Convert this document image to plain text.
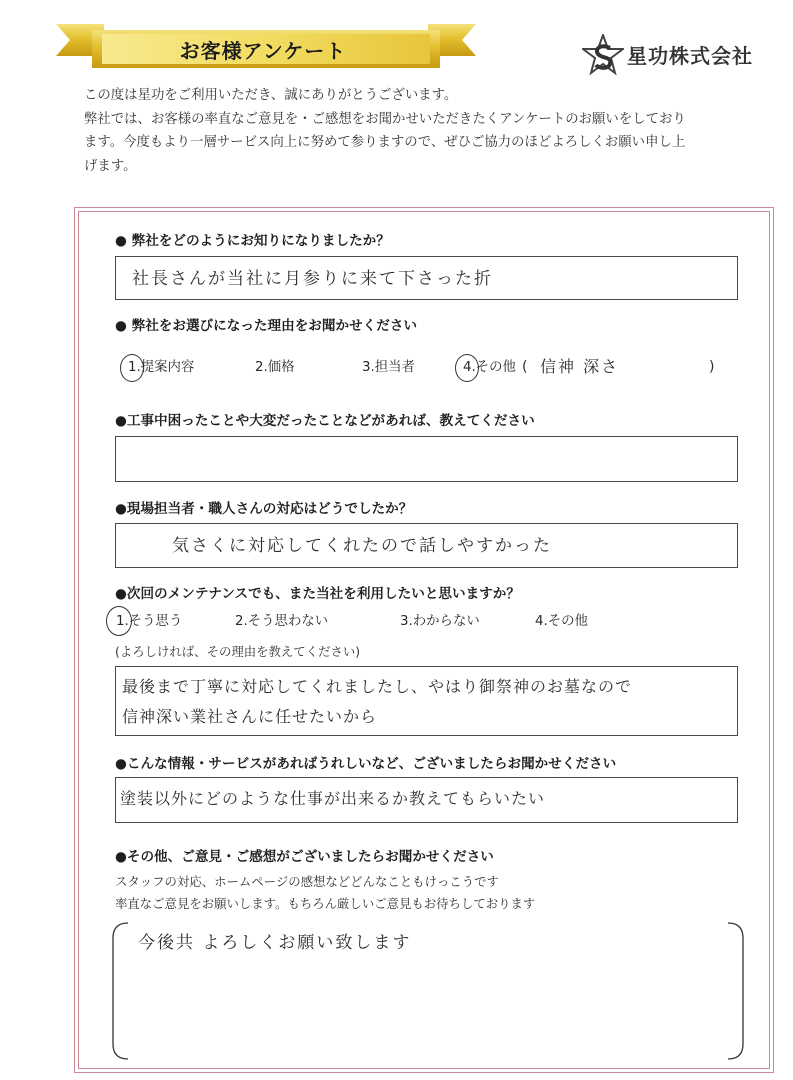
お客様アンケート	星功株式会社

この度は星功をご利用いただき、誠にありがとうございます。

弊社では、お客様の率直なご意見を・ご感想をお聞かせいただきたくアンケートのお願いをしており

ます。今度もより一層サービス向上に努めて参りますので、ぜひご協力のほどよろしくお願い申し上

げます。

● 弊社をどのようにお知りになりましたか？
社長さんが当社に月参りに来て下さった折
● 弊社をお選びになった理由をお聞かせください
1.提案内容	2.価格	3.担当者	4.その他 ( 信神 深さ	)
●工事中困ったことや大変だったことなどがあれば、教えてください
●現場担当者・職人さんの対応はどうでしたか？
気さくに対応してくれたので話しやすかった
●次回のメンテナンスでも、また当社を利用したいと思いますか？
1.そう思う	2.そう思わない	3.わからない	4.その他
(よろしければ、その理由を教えてください)
最後まで丁寧に対応してくれましたし、やはり御祭神のお墓なので
信神深い業社さんに任せたいから
●こんな情報・サービスがあればうれしいなど、ございましたらお聞かせください
塗装以外にどのような仕事が出来るか教えてもらいたい
●その他、ご意見・ご感想がございましたらお聞かせください
スタッフの対応、ホームページの感想などどんなこともけっこうです
率直なご意見をお願いします。もちろん厳しいご意見もお待ちしております
今後共 よろしくお願い致します
